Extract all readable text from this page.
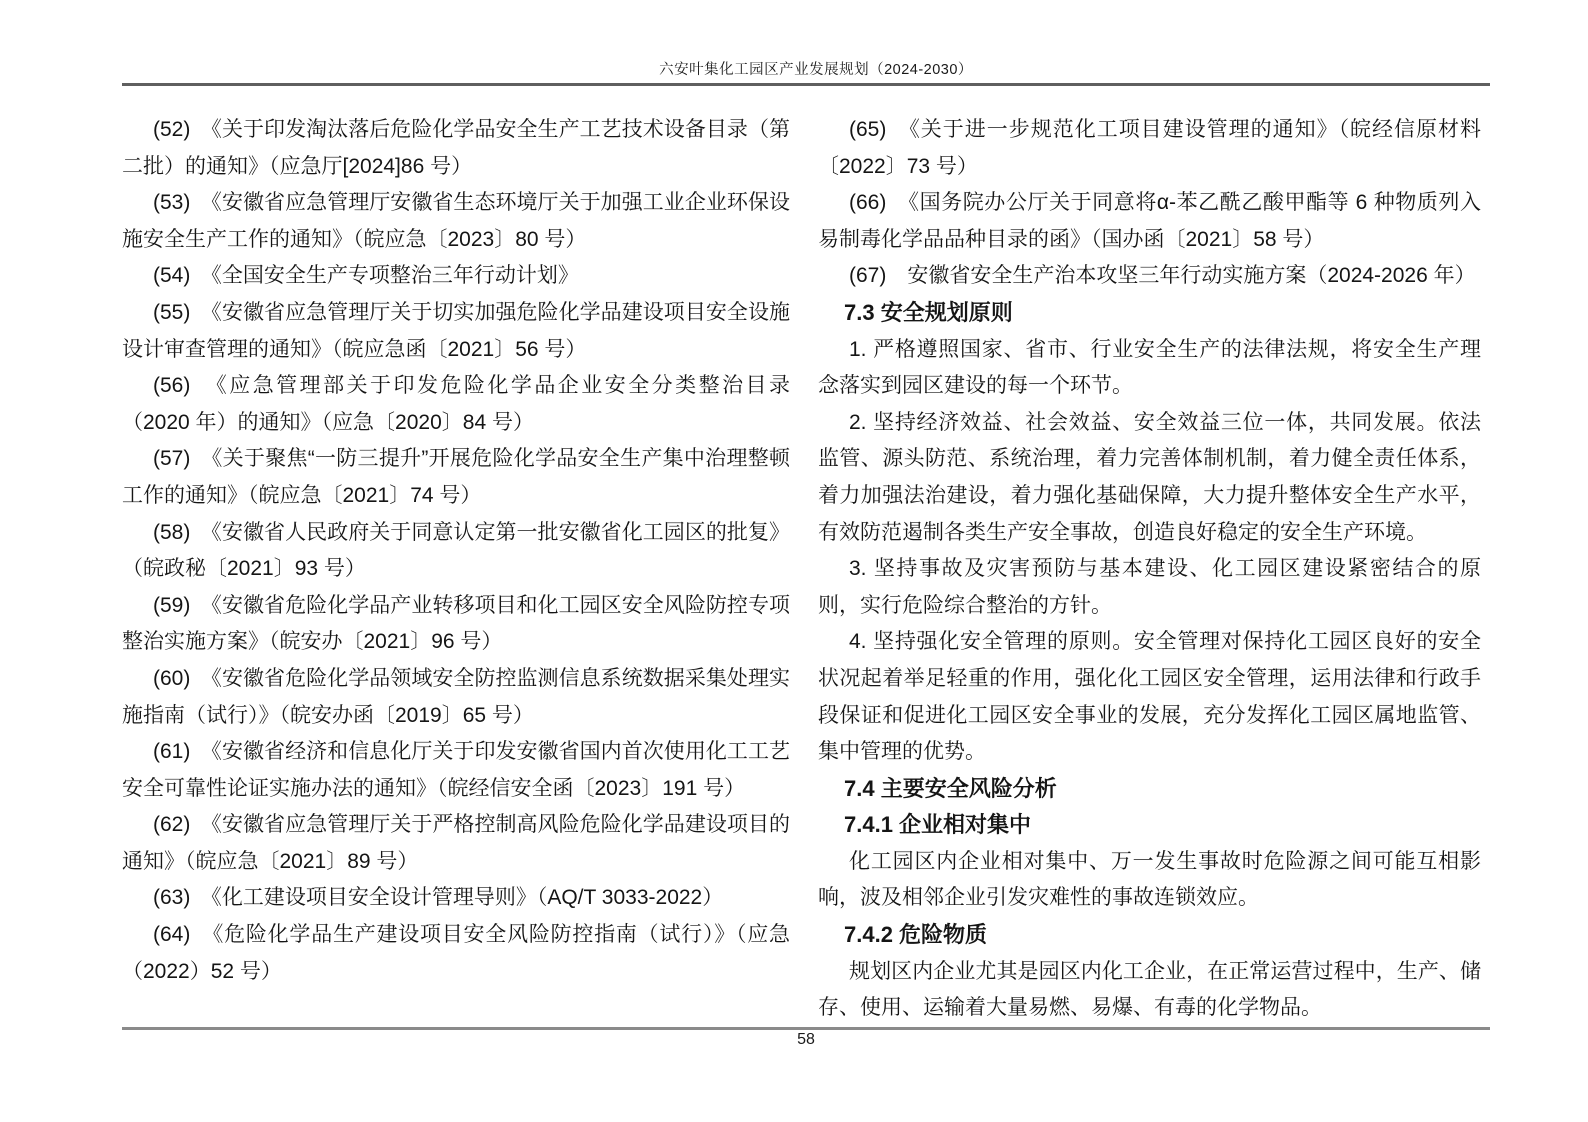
六安叶集化工园区产业发展规划（2024-2030）

(52)　《关于印发淘汰落后危险化学品安全生产工艺技术设备目录（第二批）的通知》（应急厅[2024]86 号）

(53)　《安徽省应急管理厅安徽省生态环境厅关于加强工业企业环保设施安全生产工作的通知》（皖应急〔2023〕80 号）

(54)　《全国安全生产专项整治三年行动计划》

(55)　《安徽省应急管理厅关于切实加强危险化学品建设项目安全设施设计审查管理的通知》（皖应急函〔2021〕56 号）

(56)　《应急管理部关于印发危险化学品企业安全分类整治目录（2020 年）的通知》（应急〔2020〕84 号）

(57)　《关于聚焦“一防三提升”开展危险化学品安全生产集中治理整顿工作的通知》（皖应急〔2021〕74 号）

(58)　《安徽省人民政府关于同意认定第一批安徽省化工园区的批复》（皖政秘〔2021〕93 号）

(59)　《安徽省危险化学品产业转移项目和化工园区安全风险防控专项整治实施方案》（皖安办〔2021〕96 号）

(60)　《安徽省危险化学品领域安全防控监测信息系统数据采集处理实施指南（试行）》（皖安办函〔2019〕65 号）

(61)　《安徽省经济和信息化厅关于印发安徽省国内首次使用化工工艺安全可靠性论证实施办法的通知》（皖经信安全函〔2023〕191 号）

(62)　《安徽省应急管理厅关于严格控制高风险危险化学品建设项目的通知》（皖应急〔2021〕89 号）

(63)　《化工建设项目安全设计管理导则》（AQ/T 3033-2022）

(64)　《危险化学品生产建设项目安全风险防控指南（试行）》（应急（2022）52 号）

(65)　《关于进一步规范化工项目建设管理的通知》（皖经信原材料〔2022〕73 号）

(66)　《国务院办公厅关于同意将α-苯乙酰乙酸甲酯等 6 种物质列入易制毒化学品品种目录的函》（国办函〔2021〕58 号）

(67)　安徽省安全生产治本攻坚三年行动实施方案（2024-2026 年）

7.3 安全规划原则

1. 严格遵照国家、省市、行业安全生产的法律法规，将安全生产理念落实到园区建设的每一个环节。

2. 坚持经济效益、社会效益、安全效益三位一体，共同发展。依法监管、源头防范、系统治理，着力完善体制机制，着力健全责任体系，着力加强法治建设，着力强化基础保障，大力提升整体安全生产水平，有效防范遏制各类生产安全事故，创造良好稳定的安全生产环境。

3. 坚持事故及灾害预防与基本建设、化工园区建设紧密结合的原则，实行危险综合整治的方针。

4. 坚持强化安全管理的原则。安全管理对保持化工园区良好的安全状况起着举足轻重的作用，强化化工园区安全管理，运用法律和行政手段保证和促进化工园区安全事业的发展，充分发挥化工园区属地监管、集中管理的优势。

7.4 主要安全风险分析

7.4.1 企业相对集中

化工园区内企业相对集中、万一发生事故时危险源之间可能互相影响，波及相邻企业引发灾难性的事故连锁效应。

7.4.2 危险物质

规划区内企业尤其是园区内化工企业，在正常运营过程中，生产、储存、使用、运输着大量易燃、易爆、有毒的化学物品。

58
